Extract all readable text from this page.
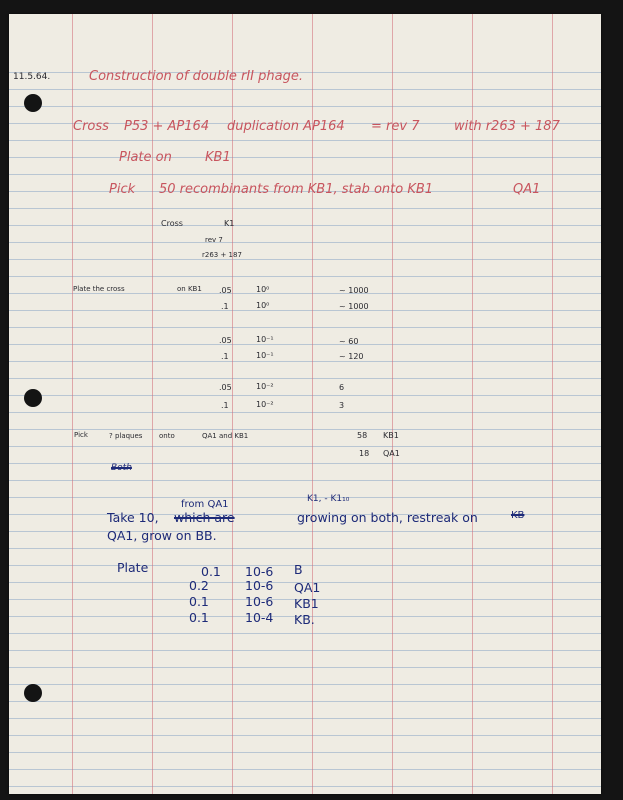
11.5.64.	Construction of double rII phage.
Cross P53 + AP164 duplication AP164 = rev 7	with r263 + 187
Plate on	KB1
Pick 50 recombinants from KB1, stab onto KB1	QA1
Cross	K1
rev 7
r263 + 187
Plate the cross	on KB1 .05	10⁰	~ 1000
.1	10⁰	~ 1000
.05	10⁻¹	~ 60
.1	10⁻¹	~ 120
.05	10⁻²	6
.1	10⁻²	3
Pick	? plaques onto	QA1 and KB1	58 KB1
18 QA1
Both
from QA1	K1, - K1₁₀
Take 10, which are	growing on both, restreak on	KB
QA1, grow on BB.
Plate	0.1 10-6 B
0.2	10-6 QA1
0.1	10-6 KB1
0.1	10-4 KB.
